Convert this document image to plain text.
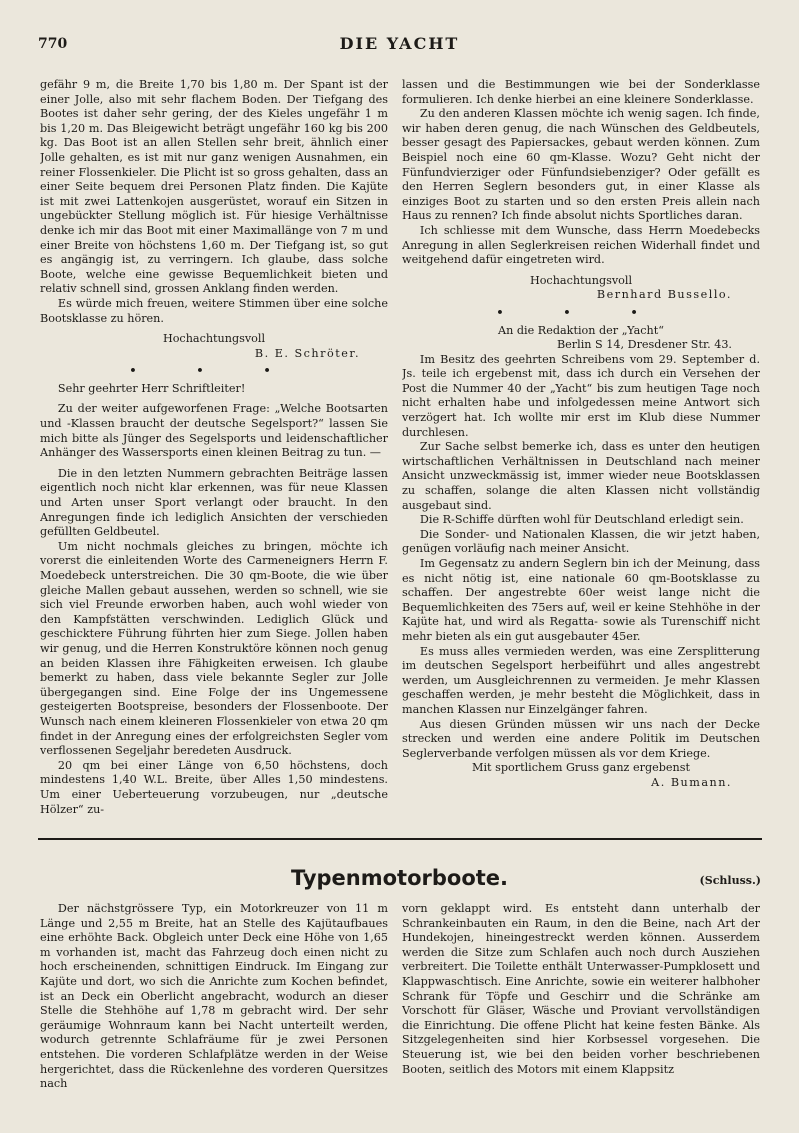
770	DIE YACHT

gefähr 9 m, die Breite 1,70 bis 1,80 m. Der Spant ist der einer Jolle, also mit sehr flachem Boden. Der Tiefgang des Bootes ist daher sehr gering, der des Kieles ungefähr 1 m bis 1,20 m. Das Bleigewicht beträgt ungefähr 160 kg bis 200 kg. Das Boot ist an allen Stellen sehr breit, ähnlich einer Jolle gehalten, es ist mit nur ganz wenigen Ausnahmen, ein reiner Flossenkieler. Die Plicht ist so gross gehalten, dass an einer Seite bequem drei Personen Platz finden. Die Kajüte ist mit zwei Lattenkojen ausgerüstet, worauf ein Sitzen in ungebückter Stellung möglich ist. Für hiesige Verhältnisse denke ich mir das Boot mit einer Maximallänge von 7 m und einer Breite von höchstens 1,60 m. Der Tiefgang ist, so gut es angängig ist, zu verringern. Ich glaube, dass solche Boote, welche eine gewisse Bequemlichkeit bieten und relativ schnell sind, grossen Anklang finden werden.

Es würde mich freuen, weitere Stimmen über eine solche Bootsklasse zu hören.

Hochachtungsvoll

B. E. Schröter.

• • •

Sehr geehrter Herr Schriftleiter!

Zu der weiter aufgeworfenen Frage: „Welche Bootsarten und -Klassen braucht der deutsche Segelsport?“ lassen Sie mich bitte als Jünger des Segelsports und leidenschaftlicher Anhänger des Wassersports einen kleinen Beitrag zu tun. —

Die in den letzten Nummern gebrachten Beiträge lassen eigentlich noch nicht klar erkennen, was für neue Klassen und Arten unser Sport verlangt oder braucht. In den Anregungen finde ich lediglich Ansichten der verschieden gefüllten Geldbeutel.

Um nicht nochmals gleiches zu bringen, möchte ich vorerst die einleitenden Worte des Carmeneigners Herrn F. Moedebeck unterstreichen. Die 30 qm-Boote, die wie über gleiche Mallen gebaut aussehen, werden so schnell, wie sie sich viel Freunde erworben haben, auch wohl wieder von den Kampfstätten verschwinden. Lediglich Glück und geschicktere Führung führten hier zum Siege. Jollen haben wir genug, und die Herren Konstruktöre können noch genug an beiden Klassen ihre Fähigkeiten erweisen. Ich glaube bemerkt zu haben, dass viele bekannte Segler zur Jolle übergegangen sind. Eine Folge der ins Ungemessene gesteigerten Bootspreise, besonders der Flossenboote. Der Wunsch nach einem kleineren Flossenkieler von etwa 20 qm findet in der Anregung eines der erfolgreichsten Segler vom verflossenen Segeljahr beredeten Ausdruck.

20 qm bei einer Länge von 6,50 höchstens, doch mindestens 1,40 W.L. Breite, über Alles 1,50 mindestens. Um einer Ueberteuerung vorzubeugen, nur „deutsche Hölzer“ zu-

lassen und die Bestimmungen wie bei der Sonderklasse formulieren. Ich denke hierbei an eine kleinere Sonderklasse.

Zu den anderen Klassen möchte ich wenig sagen. Ich finde, wir haben deren genug, die nach Wünschen des Geldbeutels, besser gesagt des Papiersackes, gebaut werden können. Zum Beispiel noch eine 60 qm-Klasse. Wozu? Geht nicht der Fünfundvierziger oder Fünfundsiebenziger? Oder gefällt es den Herren Seglern besonders gut, in einer Klasse als einziges Boot zu starten und so den ersten Preis allein nach Haus zu rennen? Ich finde absolut nichts Sportliches daran.

Ich schliesse mit dem Wunsche, dass Herrn Moedebecks Anregung in allen Seglerkreisen reichen Widerhall findet und weitgehend dafür eingetreten wird.

Hochachtungsvoll

Bernhard Bussello.

• • •

An die Redaktion der „Yacht“

Berlin S 14, Dresdener Str. 43.

Im Besitz des geehrten Schreibens vom 29. September d. Js. teile ich ergebenst mit, dass ich durch ein Versehen der Post die Nummer 40 der „Yacht“ bis zum heutigen Tage noch nicht erhalten habe und infolgedessen meine Antwort sich verzögert hat. Ich wollte mir erst im Klub diese Nummer durchlesen.

Zur Sache selbst bemerke ich, dass es unter den heutigen wirtschaftlichen Verhältnissen in Deutschland nach meiner Ansicht unzweckmässig ist, immer wieder neue Bootsklassen zu schaffen, solange die alten Klassen nicht vollständig ausgebaut sind.

Die R-Schiffe dürften wohl für Deutschland erledigt sein.

Die Sonder- und Nationalen Klassen, die wir jetzt haben, genügen vorläufig nach meiner Ansicht.

Im Gegensatz zu andern Seglern bin ich der Meinung, dass es nicht nötig ist, eine nationale 60 qm-Bootsklasse zu schaffen. Der angestrebte 60er weist lange nicht die Bequemlichkeiten des 75ers auf, weil er keine Stehhöhe in der Kajüte hat, und wird als Regatta- sowie als Turenschiff nicht mehr bieten als ein gut ausgebauter 45er.

Es muss alles vermieden werden, was eine Zersplitterung im deutschen Segelsport herbeiführt und alles angestrebt werden, um Ausgleichrennen zu vermeiden. Je mehr Klassen geschaffen werden, je mehr besteht die Möglichkeit, dass in manchen Klassen nur Einzelgänger fahren.

Aus diesen Gründen müssen wir uns nach der Decke strecken und werden eine andere Politik im Deutschen Seglerverbande verfolgen müssen als vor dem Kriege.

Mit sportlichem Gruss ganz ergebenst

A. Bumann.

Typenmotorboote.	(Schluss.)

Der nächstgrössere Typ, ein Motorkreuzer von 11 m Länge und 2,55 m Breite, hat an Stelle des Kajütaufbaues eine erhöhte Back. Obgleich unter Deck eine Höhe von 1,65 m vorhanden ist, macht das Fahrzeug doch einen nicht zu hoch erscheinenden, schnittigen Eindruck. Im Eingang zur Kajüte und dort, wo sich die Anrichte zum Kochen befindet, ist an Deck ein Oberlicht angebracht, wodurch an dieser Stelle die Stehhöhe auf 1,78 m gebracht wird. Der sehr geräumige Wohnraum kann bei Nacht unterteilt werden, wodurch getrennte Schlafräume für je zwei Personen entstehen. Die vorderen Schlafplätze werden in der Weise hergerichtet, dass die Rückenlehne des vorderen Quersitzes nach

vorn geklappt wird. Es entsteht dann unterhalb der Schrankeinbauten ein Raum, in den die Beine, nach Art der Hundekojen, hineingestreckt werden können. Ausserdem werden die Sitze zum Schlafen auch noch durch Ausziehen verbreitert. Die Toilette enthält Unterwasser-Pumpklosett und Klappwaschtisch. Eine Anrichte, sowie ein weiterer halbhoher Schrank für Töpfe und Geschirr und die Schränke am Vorschott für Gläser, Wäsche und Proviant vervollständigen die Einrichtung. Die offene Plicht hat keine festen Bänke. Als Sitzgelegenheiten sind hier Korbsessel vorgesehen. Die Steuerung ist, wie bei den beiden vorher beschriebenen Booten, seitlich des Motors mit einem Klappsitz
